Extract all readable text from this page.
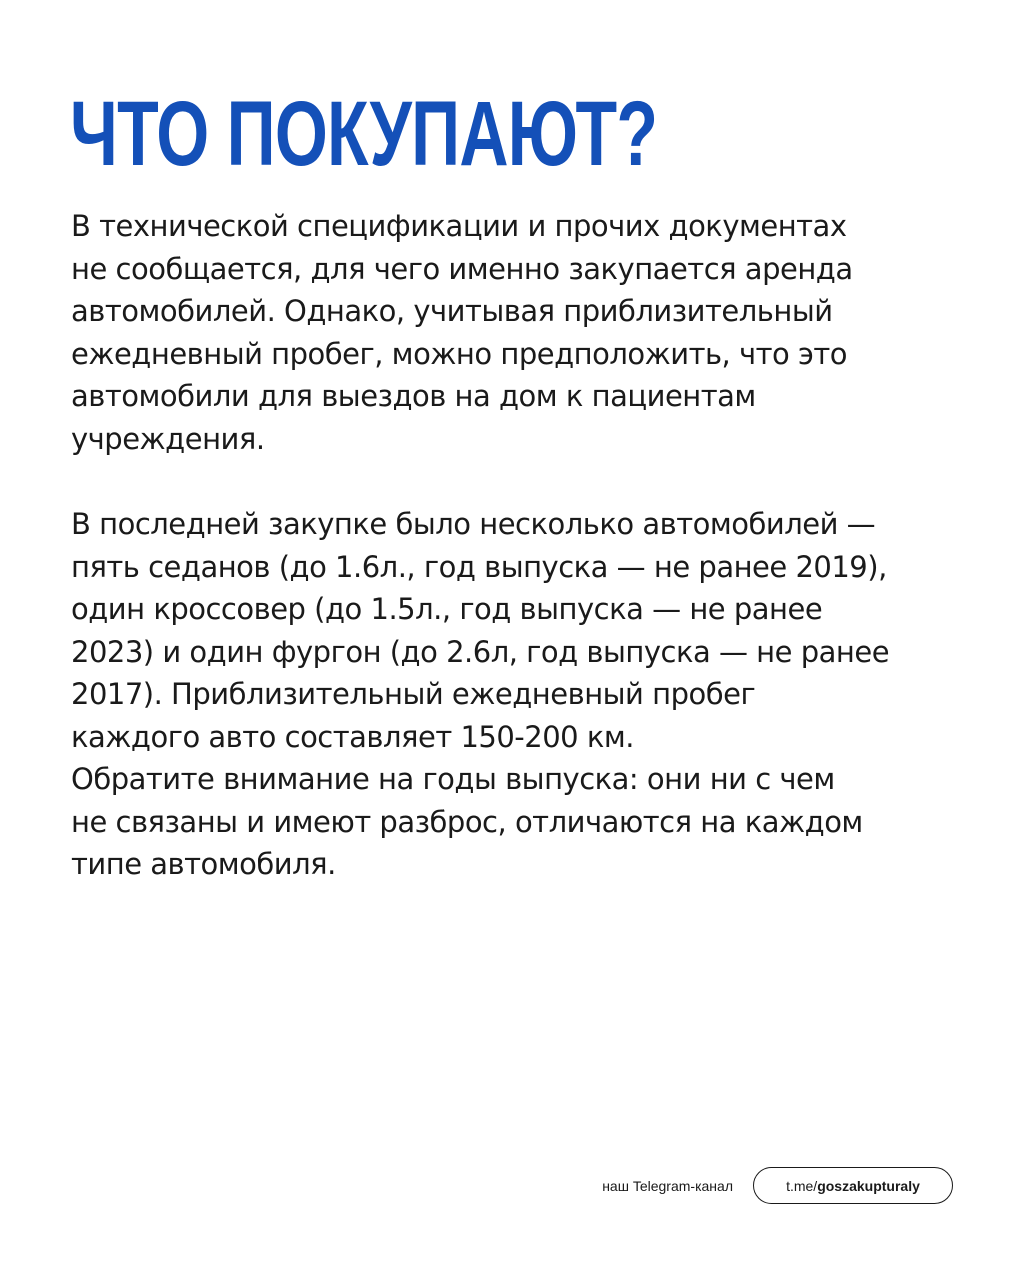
ЧТО ПОКУПАЮТ?

В технической спецификации и прочих документах
не сообщается, для чего именно закупается аренда
автомобилей. Однако, учитывая приблизительный
ежедневный пробег, можно предположить, что это
автомобили для выездов на дом к пациентам
учреждения.

В последней закупке было несколько автомобилей —
пять седанов (до 1.6л., год выпуска — не ранее 2019),
один кроссовер (до 1.5л., год выпуска — не ранее
2023) и один фургон (до 2.6л, год выпуска — не ранее
2017). Приблизительный ежедневный пробег
каждого авто составляет 150-200 км.
Обратите внимание на годы выпуска: они ни с чем
не связаны и имеют разброс, отличаются на каждом
типе автомобиля.

наш Telegram-канал	t.me/ goszakupturaly
